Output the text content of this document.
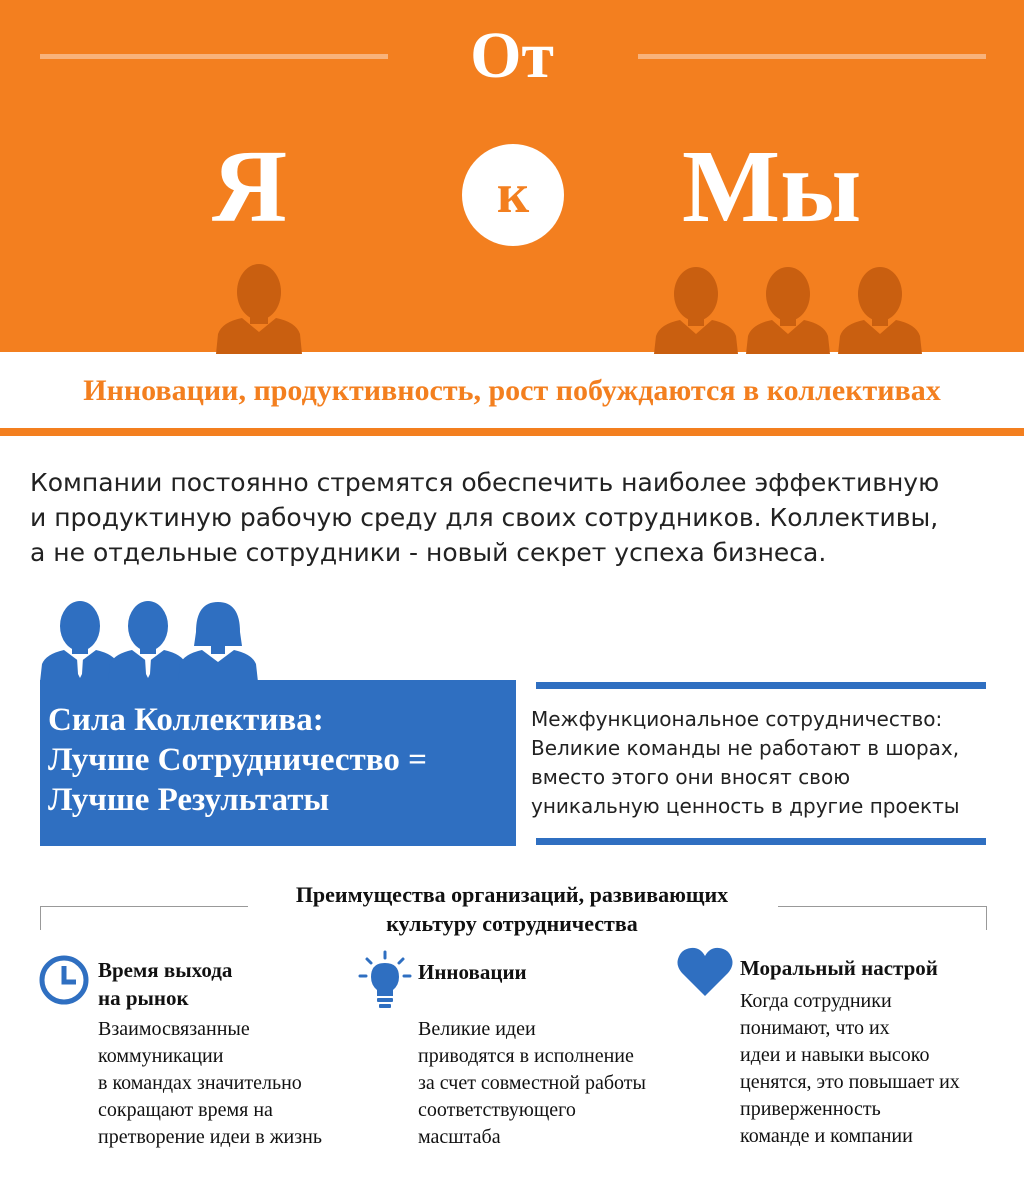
От
Я	к	Мы
Инновации, продуктивность, рост побуждаются в коллективах
Компании постоянно стремятся обеспечить наиболее эффективную
и продуктиную рабочую среду для своих сотрудников. Коллективы,
а не отдельные сотрудники - новый секрет успеха бизнеса.
Сила Коллектива:
Лучше Сотрудничество =
Лучше Результаты
Межфункциональное сотрудничество:
Великие команды не работают в шорах,
вместо этого они вносят свою
уникальную ценность в другие проекты
Преимущества организаций, развивающих
культуру сотрудничества
Время выхода
на рынок
Взаимосвязанные
коммуникации
в командах значительно
сокращают время на
претворение идеи в жизнь
Инновации
Великие идеи
приводятся в исполнение
за счет совместной работы
соответствующего
масштаба
Моральный настрой
Когда сотрудники
понимают, что их
идеи и навыки высоко
ценятся, это повышает их
приверженность
команде и компании
